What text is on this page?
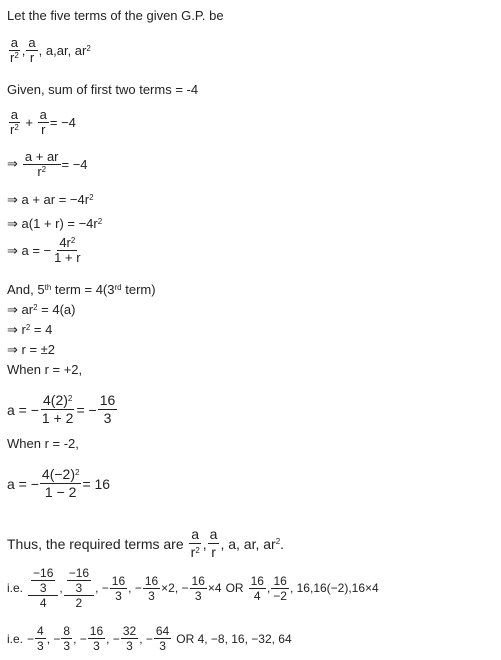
Let the five terms of the given G.P. be
a
$r^2$ ,
a
r , a,ar, $ar^2$
Given, sum of first two terms = -4
a
$r^2 + \frac{a}{r} = -4$
⇒ $\frac{a + ar}{r^2} = -4$
⇒ a + ar = $-4r^2$
⇒ $a(1 + r) = -4r^2$
⇒ a = − $\frac{4r^2}{1 + r}$
And, 5th term = 4(3rd term)
⇒ $ar^2 = 4(a)$
⇒ $r^2 = 4$
⇒ r = ±2
When r = +2,
a = − $\frac{4(2)^2}{1 + 2}$ = − $\frac{16}{3}$
When r = -2,
a = − $\frac{4(-2)^2}{1 - 2} = 16$
Thus, the required terms are
a
$r^2$ ,
a
r
, a, ar, $ar^2$ .
i.e. $\frac{-16}{3}$
4
, $\frac{-16}{3}$
2
, −
16
3
, −
16
3
×2, −
16
3
×4 OR
16
4
,
16
−2
, 16,16(−2),16×4
i.e. −
4
3
, −
8
3
, −
16
3
, −
32
3
, −
64
3
OR 4, −8, 16, −32, 64
